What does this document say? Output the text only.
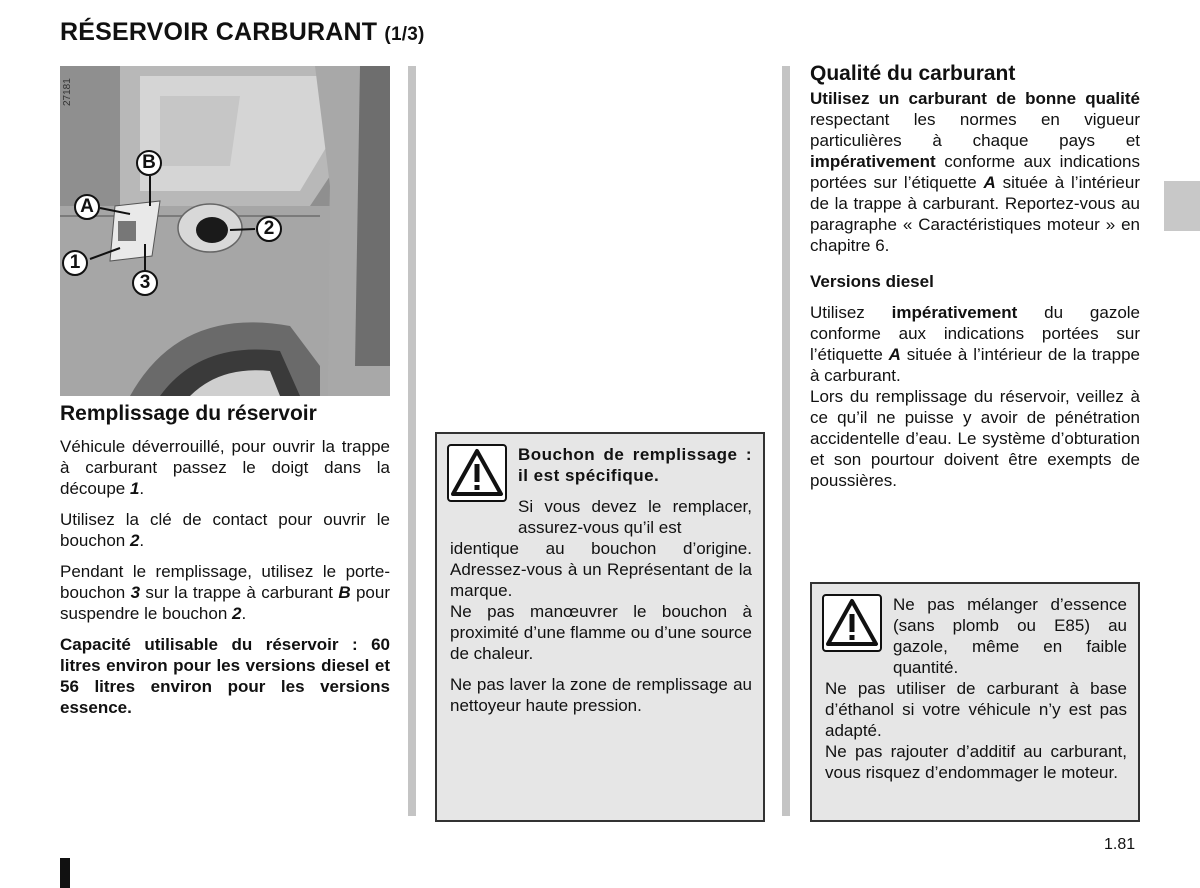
RÉSERVOIR CARBURANT (1/3)
27181
B
A
1
2
3
Remplissage du réservoir

Véhicule déverrouillé, pour ouvrir la trappe à carburant passez le doigt dans la découpe 1.

Utilisez la clé de contact pour ouvrir le bouchon 2.

Pendant le remplissage, utilisez le porte-bouchon 3 sur la trappe à carburant B pour suspendre le bouchon 2.

Capacité utilisable du réservoir : 60 litres environ pour les versions diesel et 56 litres environ pour les versions essence.

Bouchon de remplissage : il est spécifique.

Si vous devez le remplacer, assurez-vous qu’il est

identique au bouchon d’origine. Adressez-vous à un Représentant de la marque.

Ne pas manœuvrer le bouchon à proximité d’une flamme ou d’une source de chaleur.

Ne pas laver la zone de remplissage au nettoyeur haute pression.

Qualité du carburant

Utilisez un carburant de bonne qualité respectant les normes en vigueur particulières à chaque pays et impérativement conforme aux indications portées sur l’étiquette A située à l’intérieur de la trappe à carburant. Reportez-vous au paragraphe « Caractéristiques moteur » en chapitre 6.

Versions diesel

Utilisez impérativement du gazole conforme aux indications portées sur l’étiquette A située à l’intérieur de la trappe à carburant.

Lors du remplissage du réservoir, veillez à ce qu’il ne puisse y avoir de pénétration accidentelle d’eau. Le système d’obturation et son pourtour doivent être exempts de poussières.

Ne pas mélanger d’essence (sans plomb ou E85) au gazole, même en faible quantité.

Ne pas utiliser de carburant à base d’éthanol si votre véhicule n’y est pas adapté.

Ne pas rajouter d’additif au carburant, vous risquez d’endommager le moteur.

1.81
